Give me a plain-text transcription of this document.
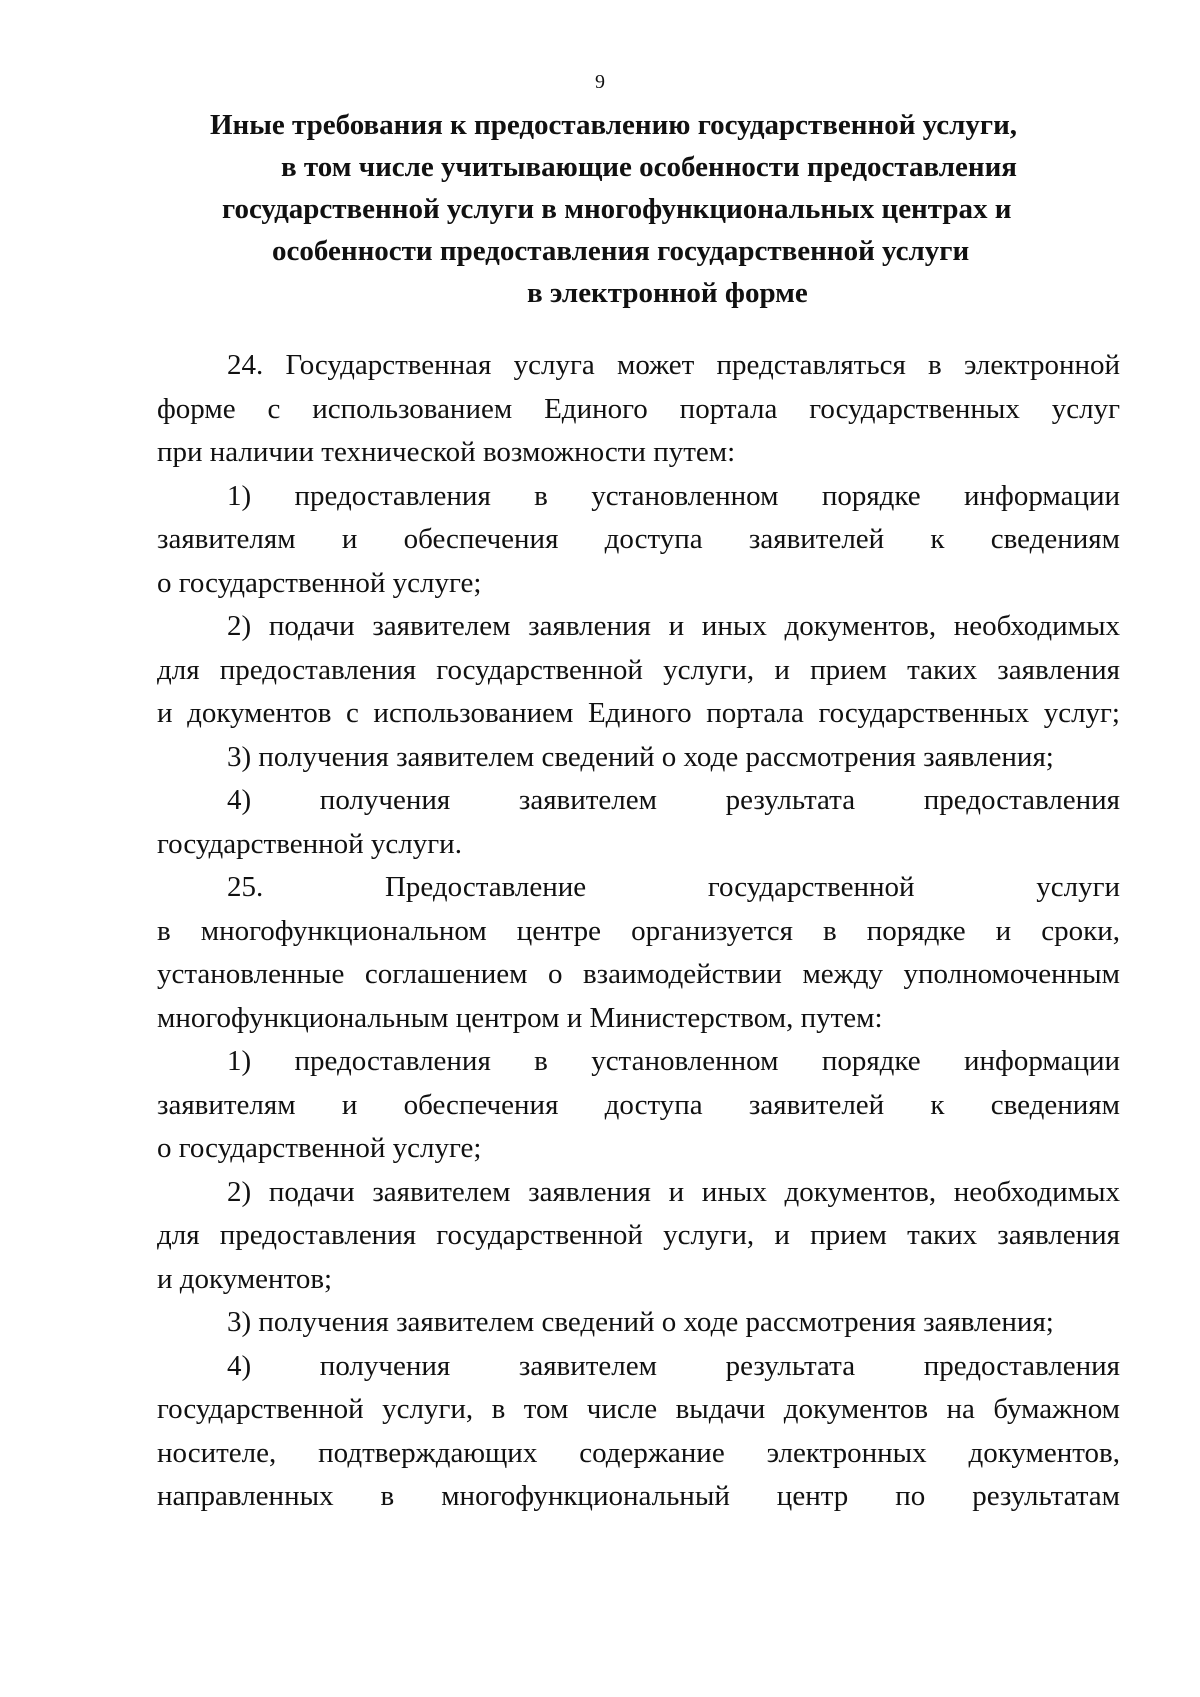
9
Иные требования к предоставлению государственной услуги,
в том числе учитывающие особенности предоставления
государственной услуги в многофункциональных центрах и
особенности предоставления государственной услуги
в электронной форме
24. Государственная услуга может представляться в электронной
форме с использованием Единого портала государственных услуг
при наличии технической возможности путем:
1) предоставления в установленном порядке информации
заявителям и обеспечения доступа заявителей к сведениям
о государственной услуге;
2) подачи заявителем заявления и иных документов, необходимых
для предоставления государственной услуги, и прием таких заявления
и документов с использованием Единого портала государственных услуг;
3) получения заявителем сведений о ходе рассмотрения заявления;
4) получения заявителем результата предоставления
государственной услуги.
25. Предоставление государственной услуги
в многофункциональном центре организуется в порядке и сроки,
установленные соглашением о взаимодействии между уполномоченным
многофункциональным центром и Министерством, путем:
1) предоставления в установленном порядке информации
заявителям и обеспечения доступа заявителей к сведениям
о государственной услуге;
2) подачи заявителем заявления и иных документов, необходимых
для предоставления государственной услуги, и прием таких заявления
и документов;
3) получения заявителем сведений о ходе рассмотрения заявления;
4) получения заявителем результата предоставления
государственной услуги, в том числе выдачи документов на бумажном
носителе, подтверждающих содержание электронных документов,
направленных в многофункциональный центр по результатам
